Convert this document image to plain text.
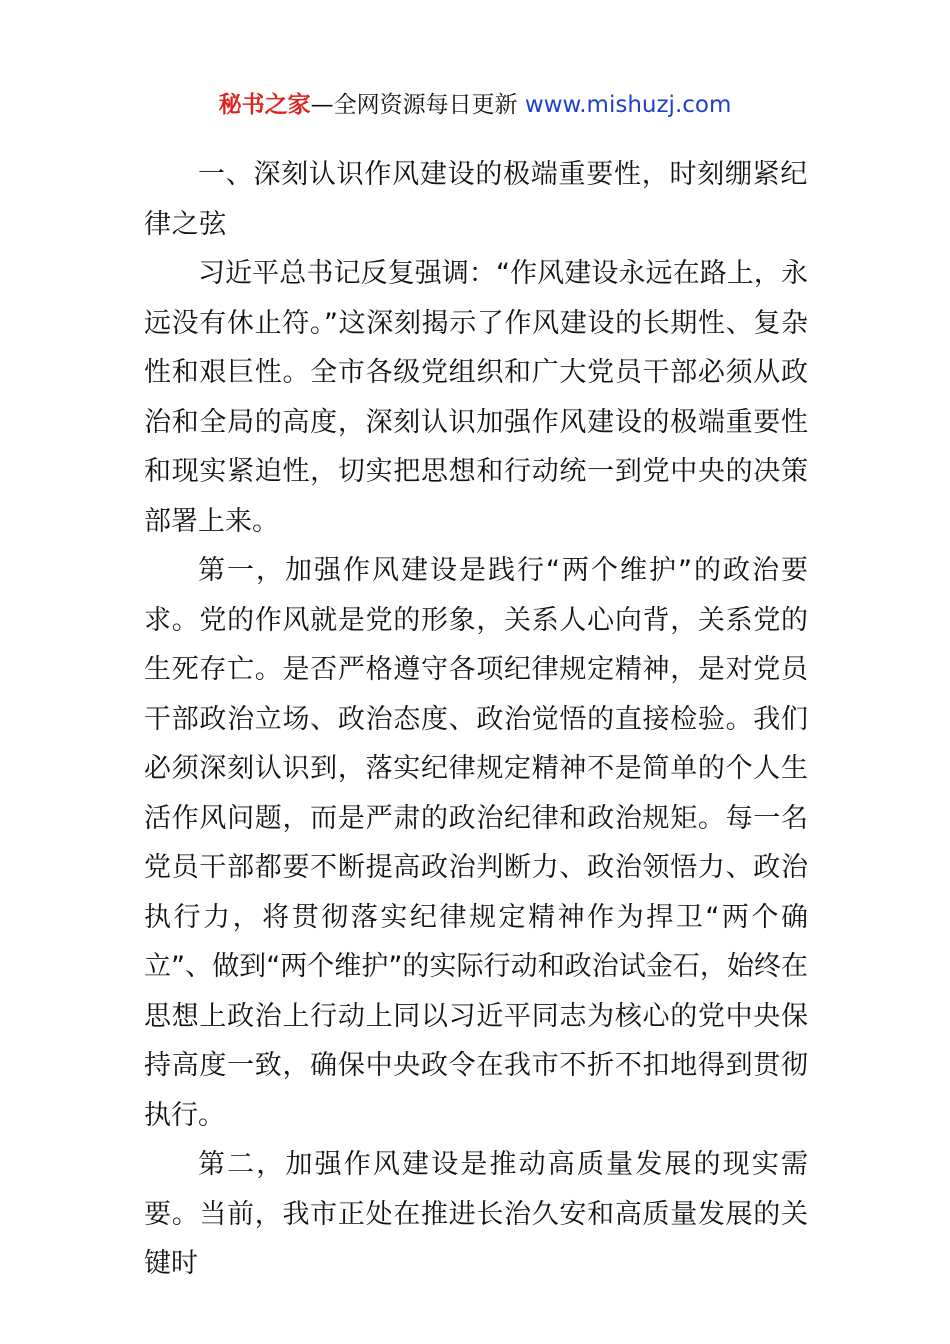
秘书之家—全网资源每日更新 www.mishuzj.com

一、深刻认识作风建设的极端重要性，时刻绷紧纪律之弦

习近平总书记反复强调：“作风建设永远在路上，永远没有休止符。”这深刻揭示了作风建设的长期性、复杂性和艰巨性。全市各级党组织和广大党员干部必须从政治和全局的高度，深刻认识加强作风建设的极端重要性和现实紧迫性，切实把思想和行动统一到党中央的决策部署上来。

第一，加强作风建设是践行“两个维护”的政治要求。党的作风就是党的形象，关系人心向背，关系党的生死存亡。是否严格遵守各项纪律规定精神，是对党员干部政治立场、政治态度、政治觉悟的直接检验。我们必须深刻认识到，落实纪律规定精神不是简单的个人生活作风问题，而是严肃的政治纪律和政治规矩。每一名党员干部都要不断提高政治判断力、政治领悟力、政治执行力，将贯彻落实纪律规定精神作为捍卫“两个确立”、做到“两个维护”的实际行动和政治试金石，始终在思想上政治上行动上同以习近平同志为核心的党中央保持高度一致，确保中央政令在我市不折不扣地得到贯彻执行。

第二，加强作风建设是推动高质量发展的现实需要。当前，我市正处在推进长治久安和高质量发展的关键时
